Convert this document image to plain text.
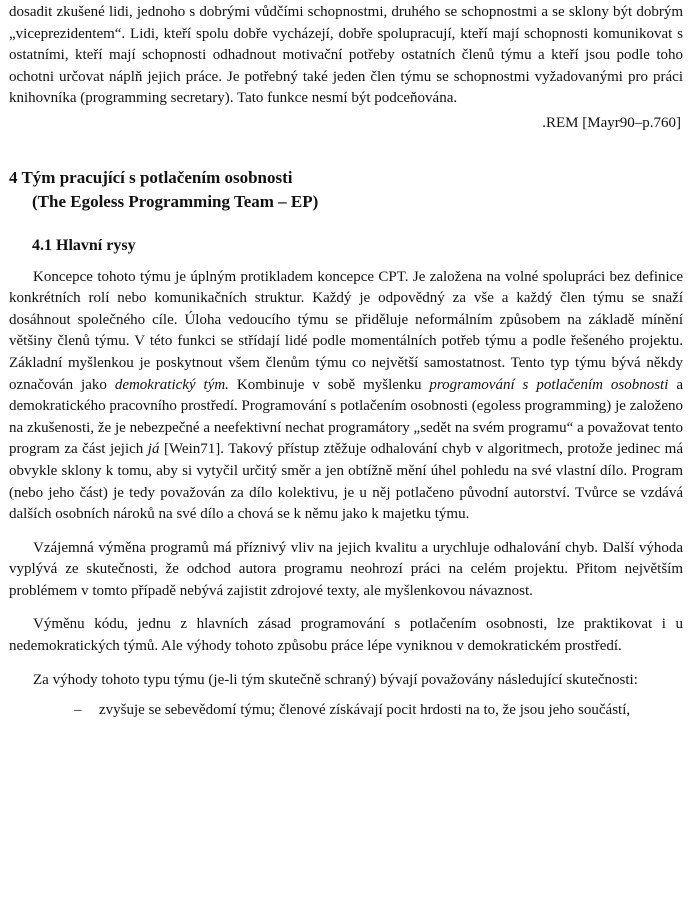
dosadit zkušené lidi, jednoho s dobrými vůdčími schopnostmi, druhého se schopnostmi a se sklony být dobrým „viceprezidentem“. Lidi, kteří spolu dobře vycházejí, dobře spolupracují, kteří mají schopnosti komunikovat s ostatními, kteří mají schopnosti odhadnout motivační potřeby ostatních členů týmu a kteří jsou podle toho ochotni určovat náplň jejich práce. Je potřebný také jeden člen týmu se schopnostmi vyžadovanými pro práci knihovníka (programming secretary). Tato funkce nesmí být podceňována.

.REM [Mayr90–p.760]

4 Tým pracující s potlačením osobnosti
(The Egoless Programming Team – EP)
4.1 Hlavní rysy

Koncepce tohoto týmu je úplným protikladem koncepce CPT. Je založena na volné spolupráci bez definice konkrétních rolí nebo komunikačních struktur. Každý je odpovědný za vše a každý člen týmu se snaží dosáhnout společného cíle. Úloha vedoucího týmu se přiděluje neformálním způsobem na základě mínění většiny členů týmu. V této funkci se střídají lidé podle momentálních potřeb týmu a podle řešeného projektu. Základní myšlenkou je poskytnout všem členům týmu co největší samostatnost. Tento typ týmu bývá někdy označován jako demokratický tým. Kombinuje v sobě myšlenku programování s potlačením osobnosti a demokratického pracovního prostředí. Programování s potlačením osobnosti (egoless programming) je založeno na zkušenosti, že je nebezpečné a neefektivní nechat programátory „sedět na svém programu“ a považovat tento program za část jejich já [Wein71]. Takový přístup ztěžuje odhalování chyb v algoritmech, protože jedinec má obvykle sklony k tomu, aby si vytyčil určitý směr a jen obtížně mění úhel pohledu na své vlastní dílo. Program (nebo jeho část) je tedy považován za dílo kolektivu, je u něj potlačeno původní autorství. Tvůrce se vzdává dalších osobních nároků na své dílo a chová se k němu jako k majetku týmu.

Vzájemná výměna programů má příznivý vliv na jejich kvalitu a urychluje odhalování chyb. Další výhoda vyplývá ze skutečnosti, že odchod autora programu neohrozí práci na celém projektu. Přitom největším problémem v tomto případě nebývá zajistit zdrojové texty, ale myšlenkovou návaznost.

Výměnu kódu, jednu z hlavních zásad programování s potlačením osobnosti, lze praktikovat i u nedemokratických týmů. Ale výhody tohoto způsobu práce lépe vyniknou v demokratickém prostředí.

Za výhody tohoto typu týmu (je-li tým skutečně schraný) bývají považovány následující skutečnosti:

– zvyšuje se sebevědomí týmu; členové získávají pocit hrdosti na to, že jsou jeho součástí,
